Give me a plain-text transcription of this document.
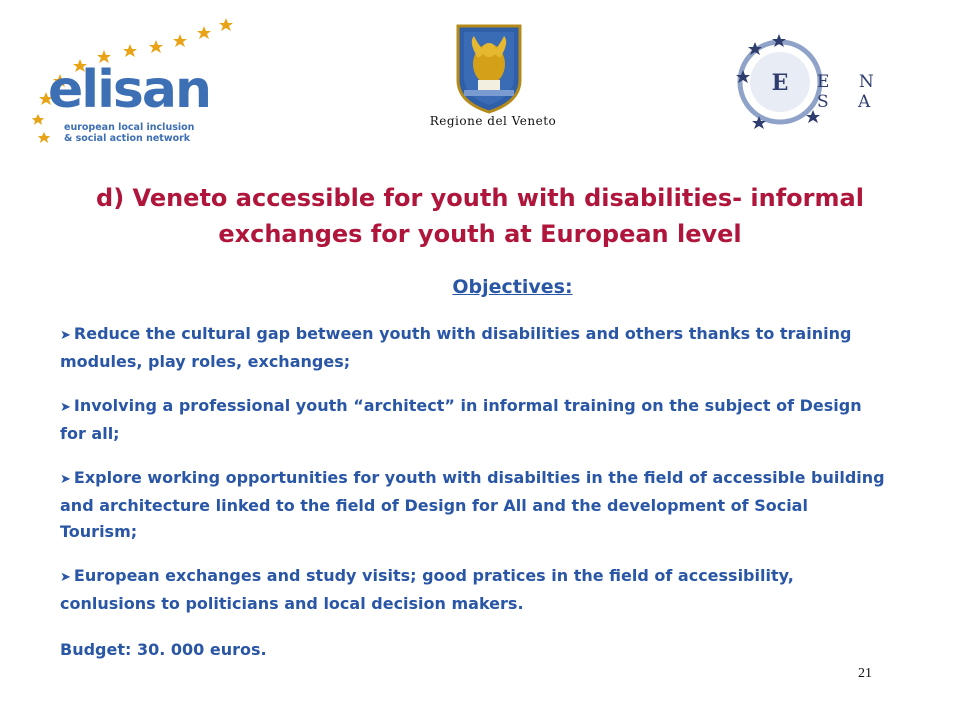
elisan
european local inclusion
& social action network
Regione del Veneto
E E N S A
d) Veneto accessible for youth with disabilities- informal exchanges for youth at European level
Objectives:
➤ Reduce the cultural gap between youth with disabilities and others thanks to training modules, play roles, exchanges;
➤ Involving a professional youth “architect” in informal training on the subject of Design for all;
➤ Explore working opportunities for youth with disabilties in the field of accessible building and architecture linked to the field of Design for All and the development of Social Tourism;
➤ European exchanges and study visits; good pratices in the field of accessibility, conlusions to politicians and local decision makers.
Budget: 30. 000 euros.
21
